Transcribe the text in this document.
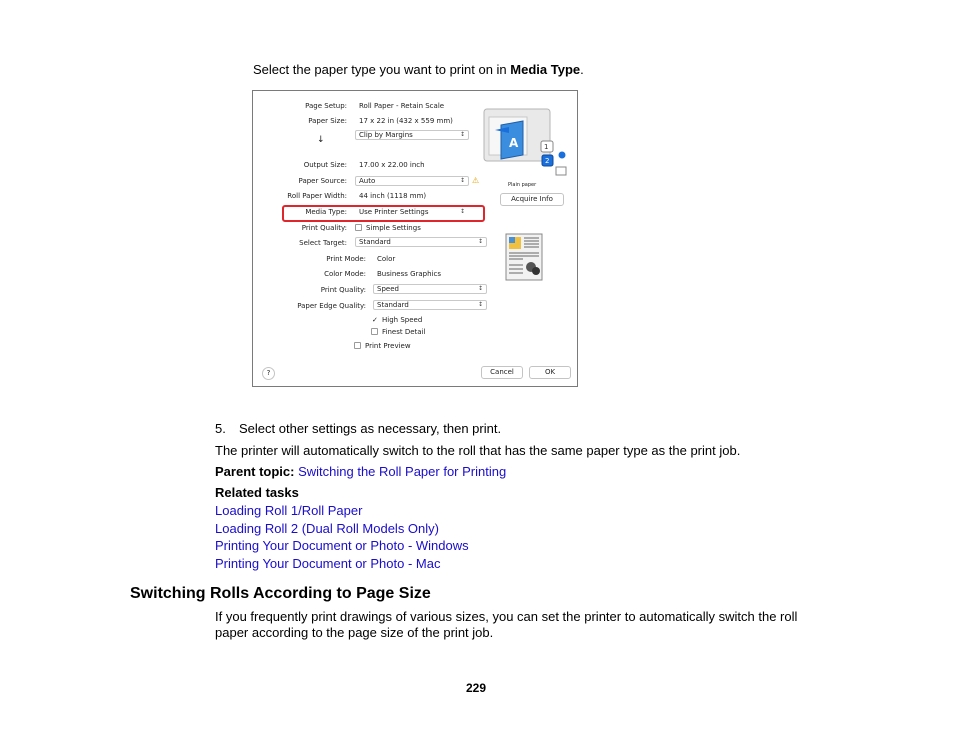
Select the paper type you want to print on in Media Type.
Page Setup: Roll Paper - Retain Scale
Paper Size: 17 x 22 in (432 x 559 mm)
↓	Clip by Margins	↕
Output Size: 17.00 x 22.00 inch
Paper Source:	Auto	↕ ⚠
Roll Paper Width: 44 inch (1118 mm)
Media Type:	Use Printer Settings	↕
Print Quality:	Simple Settings
Select Target:	Standard	↕
Print Mode: Color
Color Mode: Business Graphics
Print Quality:	Speed	↕
Paper Edge Quality:	Standard	↕
✓ High Speed
Finest Detail
Print Preview
A	1
2
Plain paper
Acquire Info
?	Cancel	OK
5. Select other settings as necessary, then print.
The printer will automatically switch to the roll that has the same paper type as the print job.
Parent topic: Switching the Roll Paper for Printing
Related tasks
Loading Roll 1/Roll Paper
Loading Roll 2 (Dual Roll Models Only)
Printing Your Document or Photo - Windows
Printing Your Document or Photo - Mac
Switching Rolls According to Page Size
If you frequently print drawings of various sizes, you can set the printer to automatically switch the roll
paper according to the page size of the print job.
229
